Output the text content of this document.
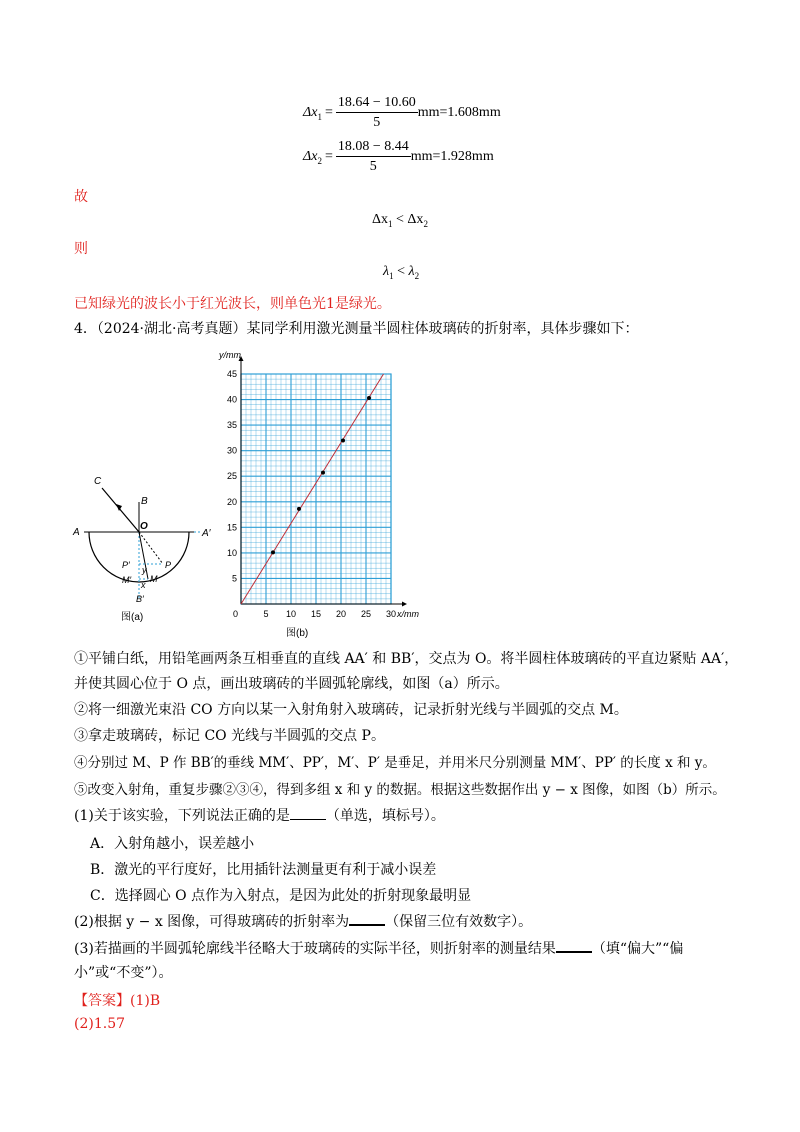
$\Delta x_1 = \frac{18.64 - 10.60}{5} mm=1.608mm$
$\Delta x_2 = \frac{18.08 - 8.44}{5} mm=1.928mm$
故
$\Delta x_1 < \Delta x_2$
则
$\lambda_1 < \lambda_2$
已知绿光的波长小于红光波长，则单色光1是绿光。
4．（2024·湖北·高考真题）某同学利用激光测量半圆柱体玻璃砖的折射率，具体步骤如下：
C
B
A
O
A′
P′ y P
M′ M
x
B′
图(a)	5 10 15 20 25 30
5
10
15
20
25
30
35
40
45
y/mm
x/mm
0
图(b)
①平铺白纸，用铅笔画两条互相垂直的直线 AA′ 和 BB′，交点为 O。将半圆柱体玻璃砖的平直边紧贴 AA′，
并使其圆心位于 O 点，画出玻璃砖的半圆弧轮廓线，如图（a）所示。
②将一细激光束沿 CO 方向以某一入射角射入玻璃砖，记录折射光线与半圆弧的交点 M。
③拿走玻璃砖，标记 CO 光线与半圆弧的交点 P。
④分别过 M、P 作 BB′的垂线 MM′、PP′，M′、P′ 是垂足，并用米尺分别测量 MM′、PP′ 的长度 x 和 y。
⑤改变入射角，重复步骤②③④，得到多组 x 和 y 的数据。根据这些数据作出 y − x 图像，如图（b）所示。
(1)关于该实验，下列说法正确的是	（单选，填标号）。
A．入射角越小，误差越小
B．激光的平行度好，比用插针法测量更有利于减小误差
C．选择圆心 O 点作为入射点，是因为此处的折射现象最明显
(2)根据 y − x 图像，可得玻璃砖的折射率为	（保留三位有效数字）。
(3)若描画的半圆弧轮廓线半径略大于玻璃砖的实际半径，则折射率的测量结果	（填“偏大”“偏
小”或“不变”）。
【答案】(1)B
(2)1.57
